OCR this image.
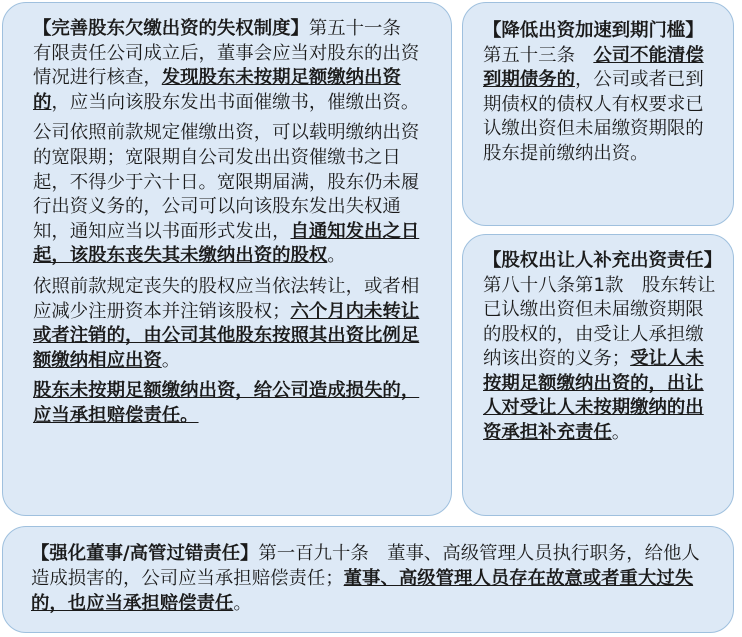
【完善股东欠缴出资的失权制度】第五十一条　有限责任公司成立后，董事会应当对股东的出资情况进行核查，发现股东未按期足额缴纳出资的，应当向该股东发出书面催缴书，催缴出资。

公司依照前款规定催缴出资，可以载明缴纳出资的宽限期；宽限期自公司发出出资催缴书之日起，不得少于六十日。宽限期届满，股东仍未履行出资义务的，公司可以向该股东发出失权通知，通知应当以书面形式发出，自通知发出之日起，该股东丧失其未缴纳出资的股权。

依照前款规定丧失的股权应当依法转让，或者相应减少注册资本并注销该股权；六个月内未转让或者注销的，由公司其他股东按照其出资比例足额缴纳相应出资。

股东未按期足额缴纳出资，给公司造成损失的，应当承担赔偿责任。

【降低出资加速到期门槛】第五十三条　公司不能清偿到期债务的，公司或者已到期债权的债权人有权要求已认缴出资但未届缴资期限的股东提前缴纳出资。

【股权出让人补充出资责任】第八十八条第1款　股东转让已认缴出资但未届缴资期限的股权的，由受让人承担缴纳该出资的义务；受让人未按期足额缴纳出资的，出让人对受让人未按期缴纳的出资承担补充责任。

【强化董事/高管过错责任】第一百九十条　董事、高级管理人员执行职务，给他人造成损害的，公司应当承担赔偿责任；董事、高级管理人员存在故意或者重大过失的，也应当承担赔偿责任。
